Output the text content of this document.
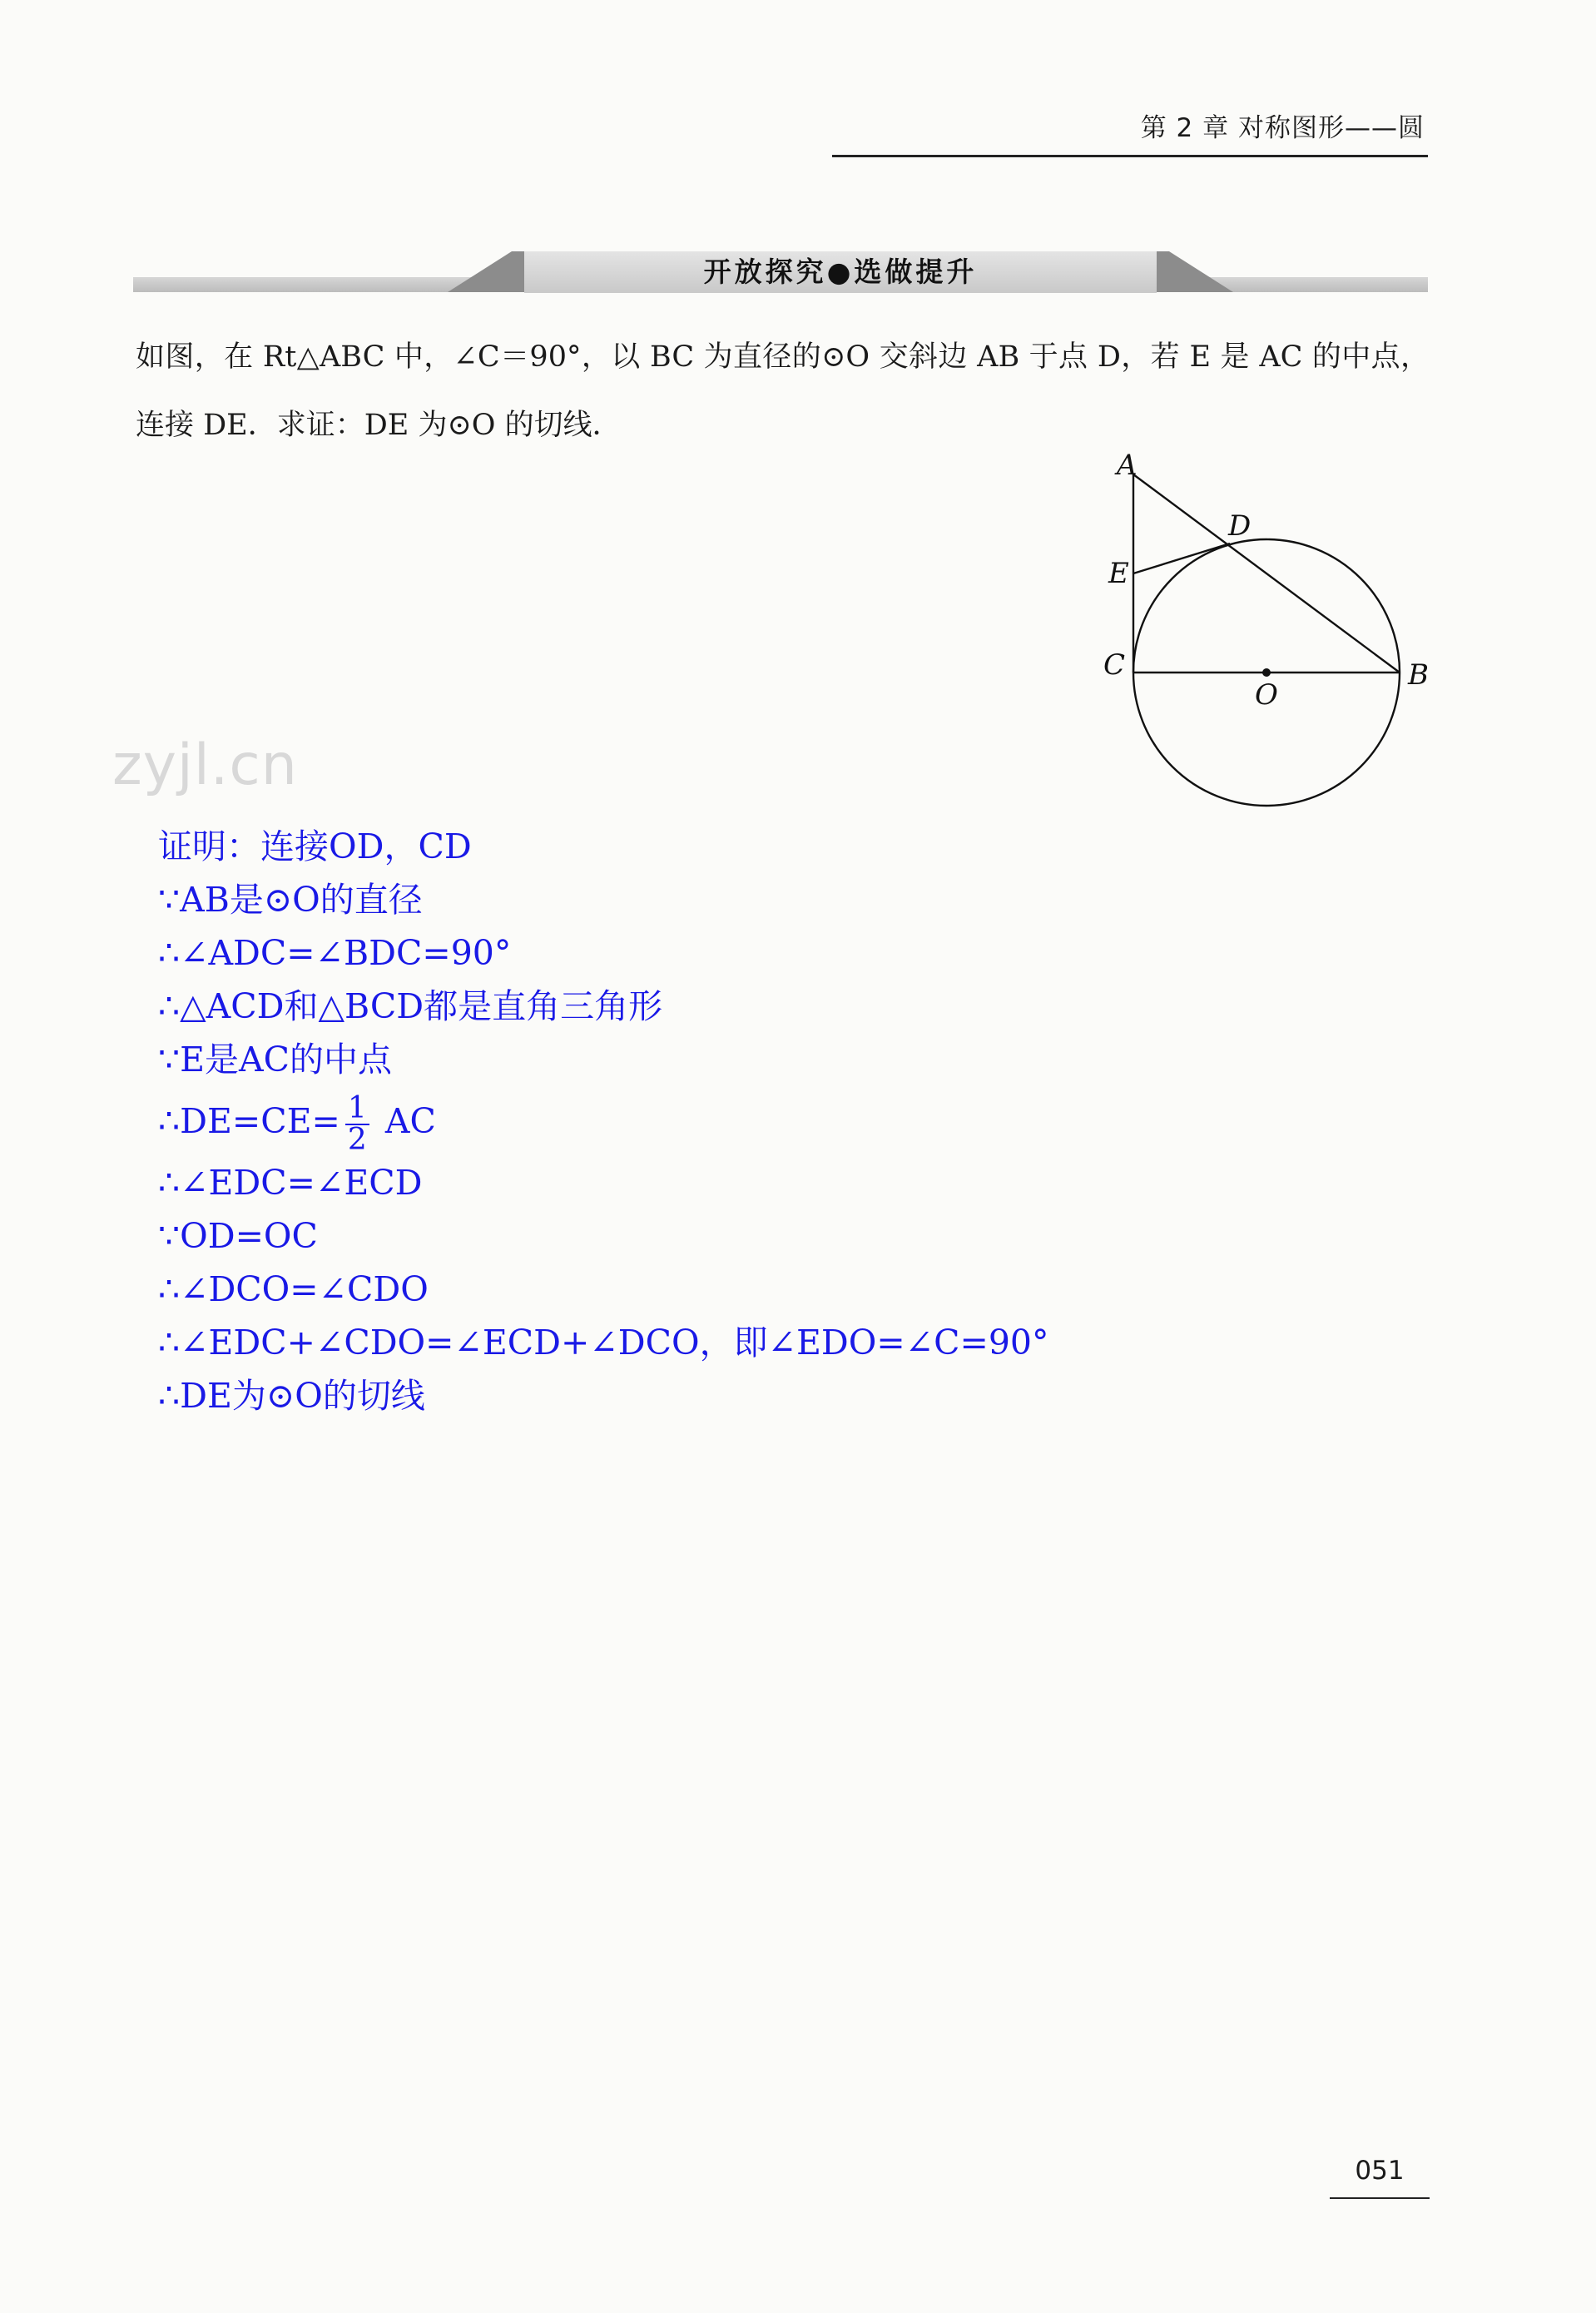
第 2 章 对称图形——圆
开放探究●选做提升
如图，在 Rt△ABC 中，∠C＝90°，以 BC 为直径的⊙O 交斜边 AB 于点 D，若 E 是 AC 的中点，连接 DE．求证：DE 为⊙O 的切线．
A
D
E
C	B
O
zyjl.cn
证明：连接OD，CD
∵AB是⊙O的直径
∴∠ADC=∠BDC=90°
∴△ACD和△BCD都是直角三角形
∵E是AC的中点
∴DE=CE= $\frac{1}{2}$ AC
∴∠EDC=∠ECD
∵OD=OC
∴∠DCO=∠CDO
∴∠EDC+∠CDO=∠ECD+∠DCO，即∠EDO=∠C=90°
∴DE为⊙O的切线
051
